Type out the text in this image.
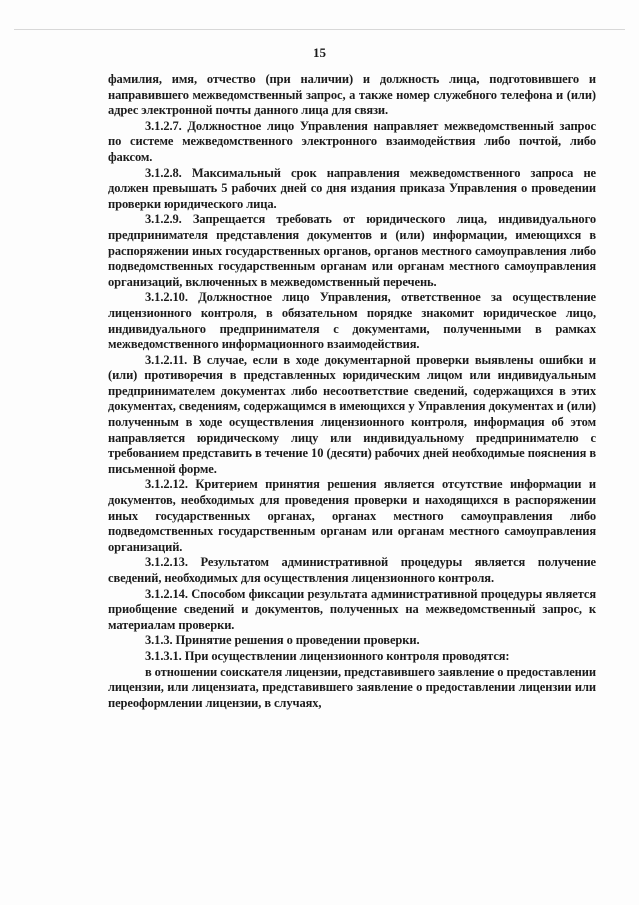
15

фамилия, имя, отчество (при наличии) и должность лица, подготовившего и направившего межведомственный запрос, а также номер служебного телефона и (или) адрес электронной почты данного лица для связи.

3.1.2.7. Должностное лицо Управления направляет межведомственный запрос по системе межведомственного электронного взаимодействия либо почтой, либо факсом.

3.1.2.8. Максимальный срок направления межведомственного запроса не должен превышать 5 рабочих дней со дня издания приказа Управления о проведении проверки юридического лица.

3.1.2.9. Запрещается требовать от юридического лица, индивидуального предпринимателя представления документов и (или) информации, имеющихся в распоряжении иных государственных органов, органов местного самоуправления либо подведомственных государственным органам или органам местного самоуправления организаций, включенных в межведомственный перечень.

3.1.2.10. Должностное лицо Управления, ответственное за осуществление лицензионного контроля, в обязательном порядке знакомит юридическое лицо, индивидуального предпринимателя с документами, полученными в рамках межведомственного информационного взаимодействия.

3.1.2.11. В случае, если в ходе документарной проверки выявлены ошибки и (или) противоречия в представленных юридическим лицом или индивидуальным предпринимателем документах либо несоответствие сведений, содержащихся в этих документах, сведениям, содержащимся в имеющихся у Управления документах и (или) полученным в ходе осуществления лицензионного контроля, информация об этом направляется юридическому лицу или индивидуальному предпринимателю с требованием представить в течение 10 (десяти) рабочих дней необходимые пояснения в письменной форме.

3.1.2.12. Критерием принятия решения является отсутствие информации и документов, необходимых для проведения проверки и находящихся в распоряжении иных государственных органах, органах местного самоуправления либо подведомственных государственным органам или органам местного самоуправления организаций.

3.1.2.13. Результатом административной процедуры является получение сведений, необходимых для осуществления лицензионного контроля.

3.1.2.14. Способом фиксации результата административной процедуры является приобщение сведений и документов, полученных на межведомственный запрос, к материалам проверки.

3.1.3. Принятие решения о проведении проверки.

3.1.3.1. При осуществлении лицензионного контроля проводятся:

в отношении соискателя лицензии, представившего заявление о предоставлении лицензии, или лицензиата, представившего заявление о предоставлении лицензии или переоформлении лицензии, в случаях,
